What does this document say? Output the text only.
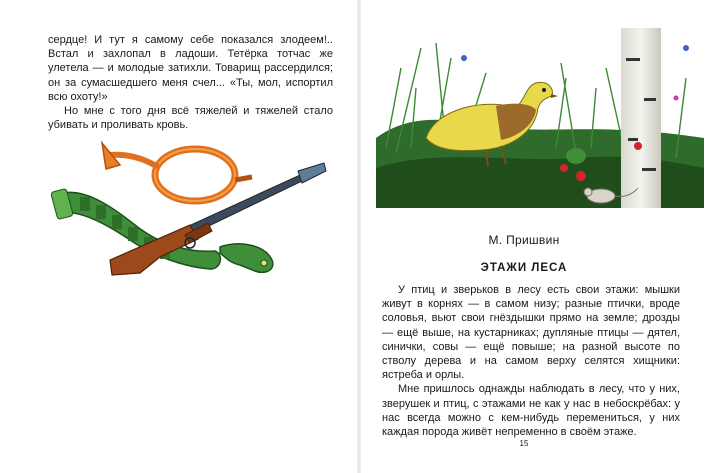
сердце! И тут я самому себе показался злодеем!.. Встал и захлопал в ладоши. Тетёрка тотчас же улетела — и молодые затихли. Товарищ рассердился; он за сумасшедшего меня счел... «Ты, мол, испортил всю охоту!»

Но мне с того дня всё тяжелей и тяжелей стало убивать и проливать кровь.

М. Пришвин
ЭТАЖИ ЛЕСА

У птиц и зверьков в лесу есть свои этажи: мышки живут в корнях — в самом низу; разные птички, вроде соловья, вьют свои гнёздышки прямо на земле; дрозды — ещё выше, на кустарниках; дупляные птицы — дятел, синички, совы — ещё повыше; на разной высоте по стволу дерева и на самом верху селятся хищники: ястреба и орлы.

Мне пришлось однажды наблюдать в лесу, что у них, зверушек и птиц, с этажами не как у нас в небоскрёбах: у нас всегда можно с кем-нибудь перемениться, у них каждая порода живёт непременно в своём этаже.

15
